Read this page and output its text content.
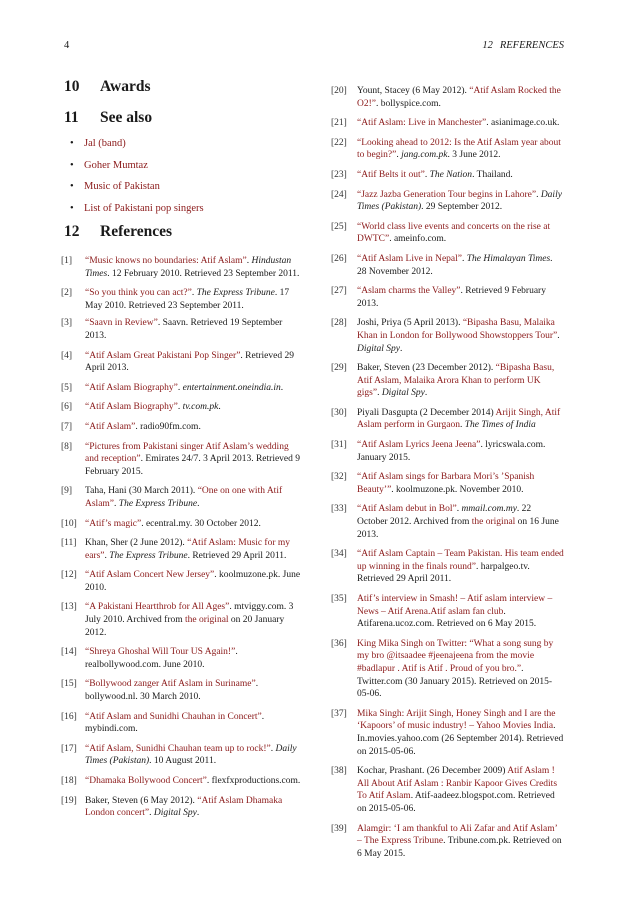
4	12 REFERENCES
10 Awards
11 See also
• Jal (band)
• Goher Mumtaz
• Music of Pakistan
• List of Pakistani pop singers
12 References
[1]	“Music knows no boundaries: Atif Aslam”. Hindustan Times. 12 February 2010. Retrieved 23 September 2011.
[2]	“So you think you can act?”. The Express Tribune. 17 May 2010. Retrieved 23 September 2011.
[3]	“Saavn in Review”. Saavn. Retrieved 19 September 2013.
[4]	“Atif Aslam Great Pakistani Pop Singer”. Retrieved 29 April 2013.
[5]	“Atif Aslam Biography”. entertainment.oneindia.in.
[6]	“Atif Aslam Biography”. tv.com.pk.
[7]	“Atif Aslam”. radio90fm.com.
[8]	“Pictures from Pakistani singer Atif Aslam’s wedding and reception”. Emirates 24/7. 3 April 2013. Retrieved 9 February 2015.
[9]	Taha, Hani (30 March 2011). “One on one with Atif Aslam”. The Express Tribune.
[10] “Atif’s magic”. ecentral.my. 30 October 2012.
[11] Khan, Sher (2 June 2012). “Atif Aslam: Music for my ears”. The Express Tribune. Retrieved 29 April 2011.
[12] “Atif Aslam Concert New Jersey”. koolmuzone.pk. June 2010.
[13] “A Pakistani Heartthrob for All Ages”. mtviggy.com. 3 July 2010. Archived from the original on 20 January 2012.
[14] “Shreya Ghoshal Will Tour US Again!”. realbollywood.com. June 2010.
[15] “Bollywood zanger Atif Aslam in Suriname”. bollywood.nl. 30 March 2010.
[16] “Atif Aslam and Sunidhi Chauhan in Concert”. mybindi.com.
[17] “Atif Aslam, Sunidhi Chauhan team up to rock!”. Daily Times (Pakistan). 10 August 2011.
[18] “Dhamaka Bollywood Concert”. flexfxproductions.com.
[19] Baker, Steven (6 May 2012). “Atif Aslam Dhamaka London concert”. Digital Spy.
[20]	Yount, Stacey (6 May 2012). “Atif Aslam Rocked the O2!”. bollyspice.com.
[21]	“Atif Aslam: Live in Manchester”. asianimage.co.uk.
[22]	“Looking ahead to 2012: Is the Atif Aslam year about to begin?”. jang.com.pk. 3 June 2012.
[23]	“Atif Belts it out”. The Nation. Thailand.
[24]	“Jazz Jazba Generation Tour begins in Lahore”. Daily Times (Pakistan). 29 September 2012.
[25]	“World class live events and concerts on the rise at DWTC”. ameinfo.com.
[26]	“Atif Aslam Live in Nepal”. The Himalayan Times. 28 November 2012.
[27]	“Aslam charms the Valley”. Retrieved 9 February 2013.
[28]	Joshi, Priya (5 April 2013). “Bipasha Basu, Malaika Khan in London for Bollywood Showstoppers Tour”. Digital Spy.
[29]	Baker, Steven (23 December 2012). “Bipasha Basu, Atif Aslam, Malaika Arora Khan to perform UK gigs”. Digital Spy.
[30]	Piyali Dasgupta (2 December 2014) Arijit Singh, Atif Aslam perform in Gurgaon. The Times of India
[31]	“Atif Aslam Lyrics Jeena Jeena”. lyricswala.com. January 2015.
[32]	“Atif Aslam sings for Barbara Mori’s ’Spanish Beauty’”. koolmuzone.pk. November 2010.
[33]	“Atif Aslam debut in Bol”. mmail.com.my. 22 October 2012. Archived from the original on 16 June 2013.
[34]	“Atif Aslam Captain – Team Pakistan. His team ended up winning in the finals round”. harpalgeo.tv. Retrieved 29 April 2011.
[35]	Atif’s interview in Smash! – Atif aslam interview – News – Atif Arena.Atif aslam fan club. Atifarena.ucoz.com. Retrieved on 6 May 2015.
[36]	King Mika Singh on Twitter: “What a song sung by my bro @itsaadee #jeenajeena from the movie #badlapur . Atif is Atif . Proud of you bro.”. Twitter.com (30 January 2015). Retrieved on 2015-05-06.
[37]	Mika Singh: Arijit Singh, Honey Singh and I are the ‘Kapoors’ of music industry! – Yahoo Movies India. In.movies.yahoo.com (26 September 2014). Retrieved on 2015-05-06.
[38]	Kochar, Prashant. (26 December 2009) Atif Aslam ! All About Atif Aslam : Ranbir Kapoor Gives Credits To Atif Aslam. Atif-aadeez.blogspot.com. Retrieved on 2015-05-06.
[39]	Alamgir: ‘I am thankful to Ali Zafar and Atif Aslam’ – The Express Tribune. Tribune.com.pk. Retrieved on 6 May 2015.
